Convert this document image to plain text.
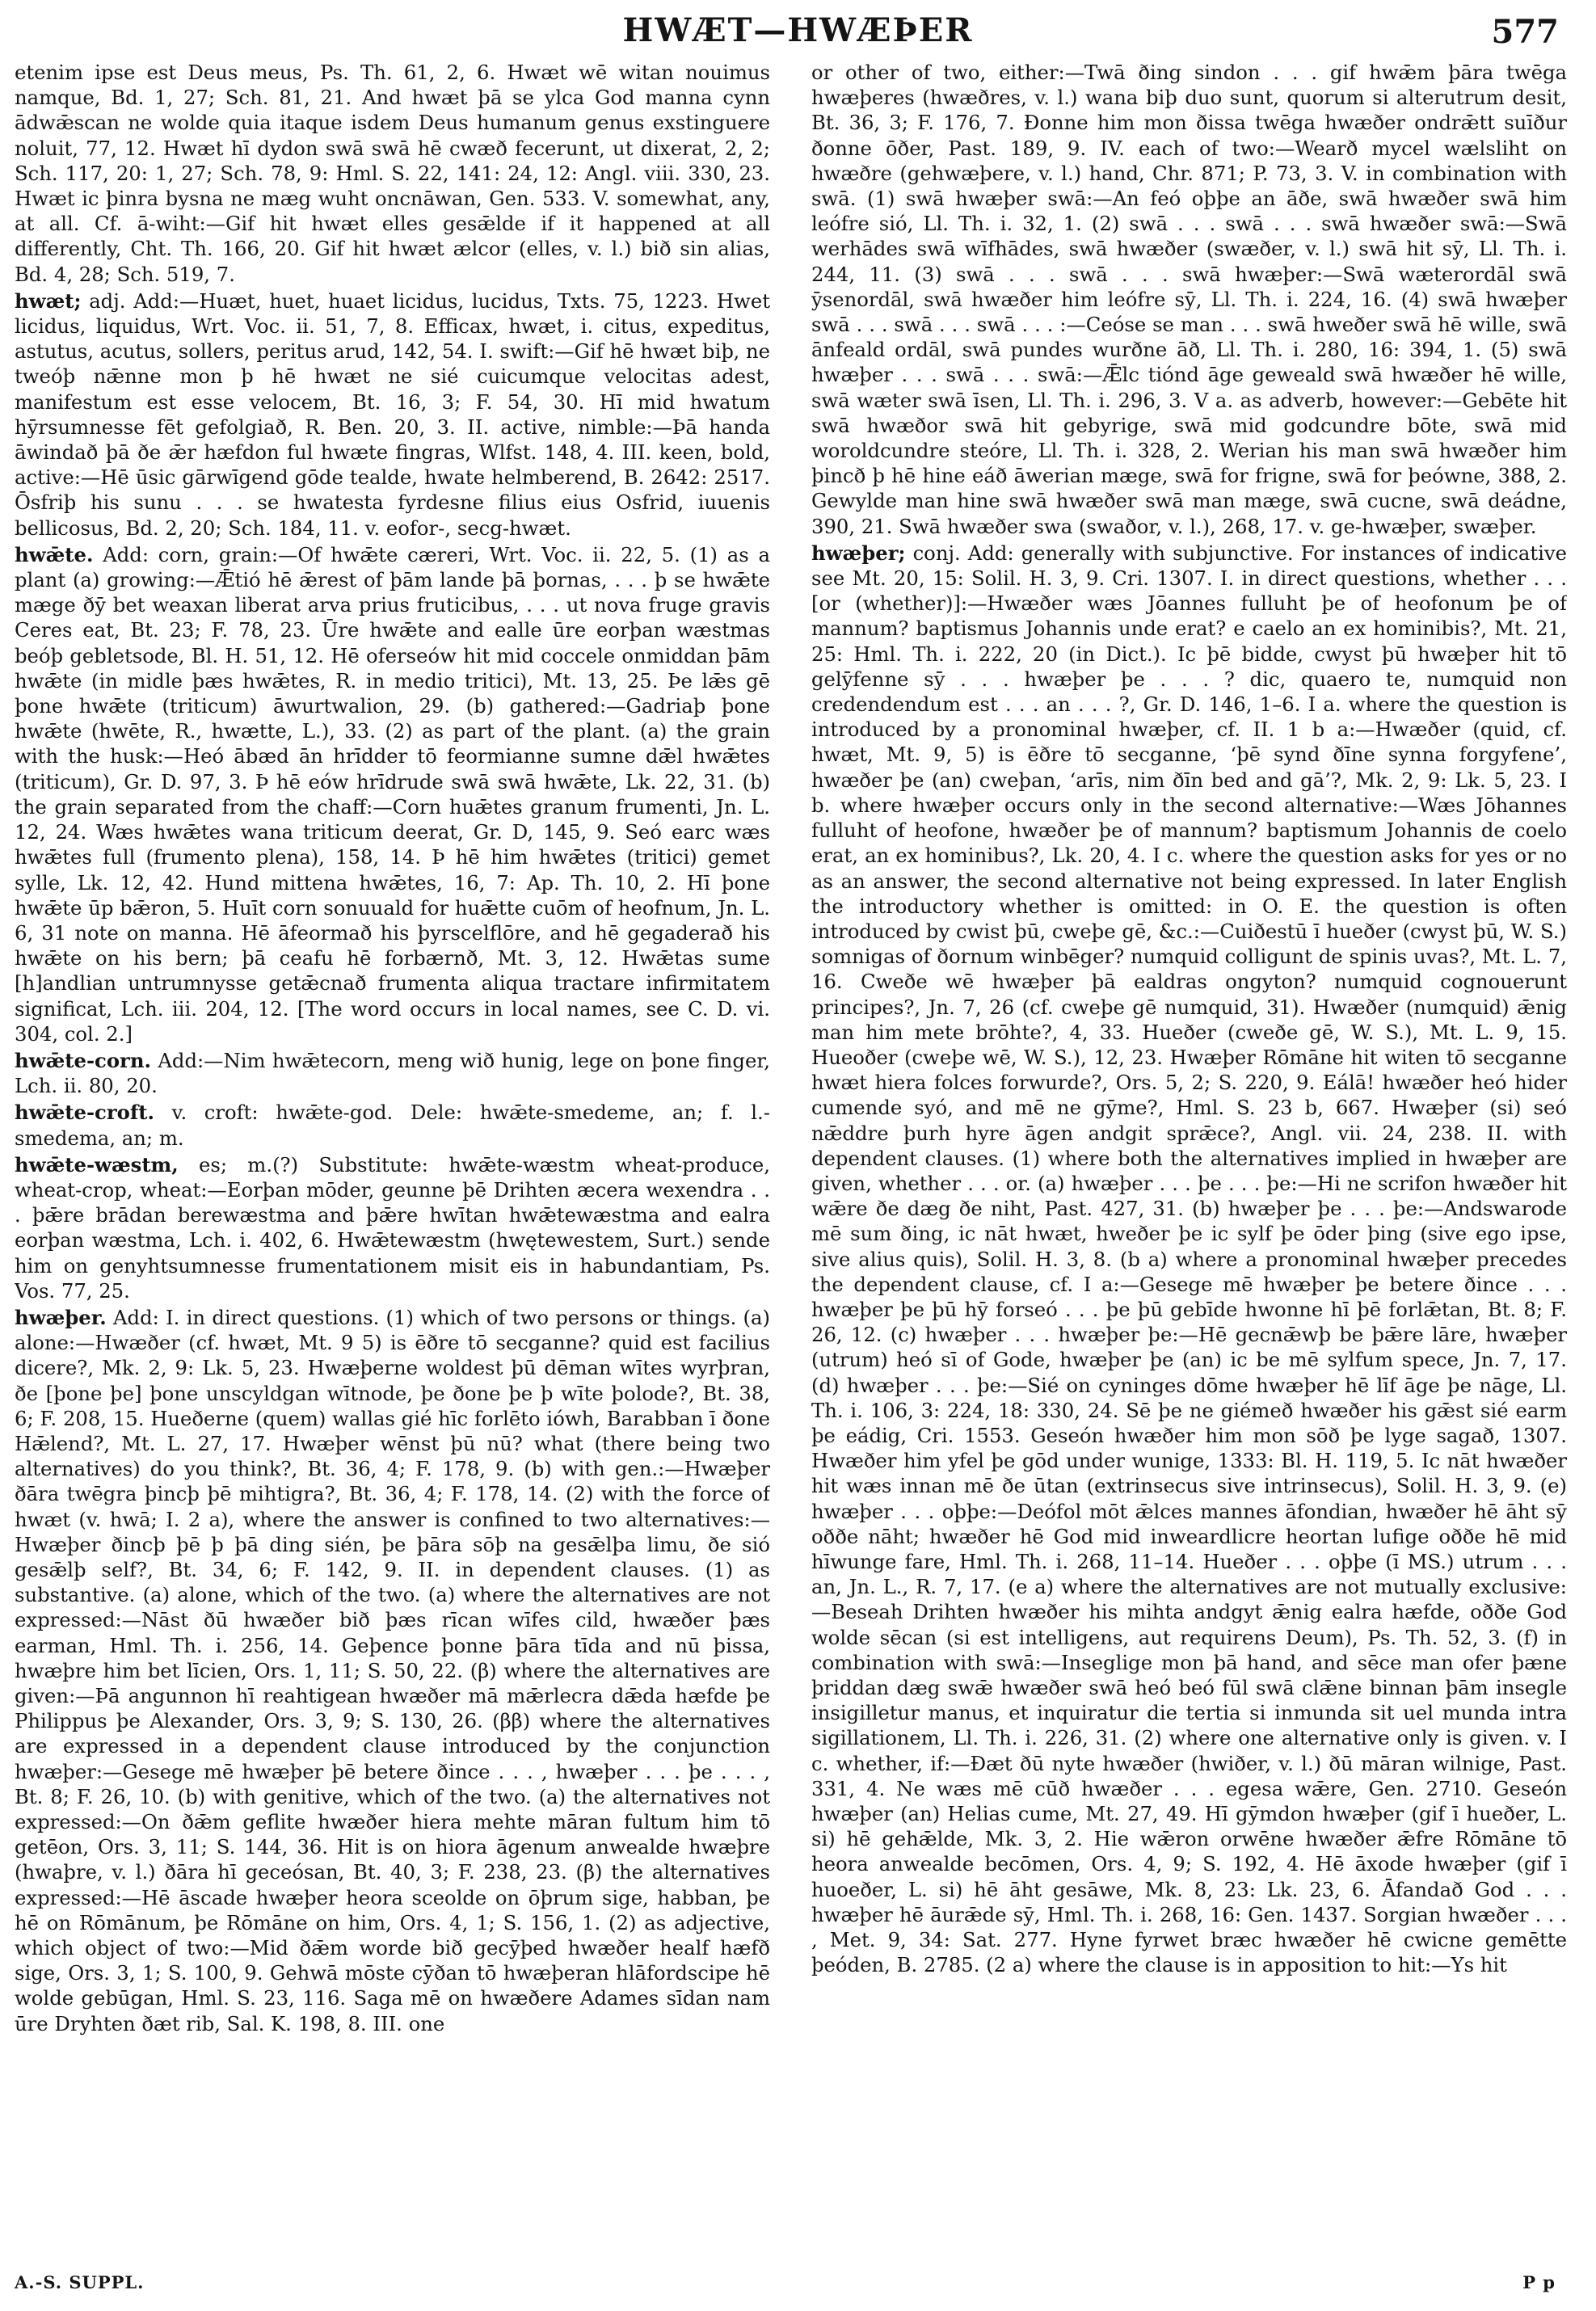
HWÆT—HWÆÞER	577

etenim ipse est Deus meus, Ps. Th. 61, 2, 6. Hwæt wē witan nouimus namque, Bd. 1, 27; Sch. 81, 21. And hwæt þā se ylca God manna cynn ādwǣscan ne wolde quia itaque isdem Deus humanum genus exstinguere noluit, 77, 12. Hwæt hī dydon swā swā hē cwæð fecerunt, ut dixerat, 2, 2; Sch. 117, 20: 1, 27; Sch. 78, 9: Hml. S. 22, 141: 24, 12: Angl. viii. 330, 23. Hwæt ic þinra bysna ne mæg wuht oncnāwan, Gen. 533. V. somewhat, any, at all. Cf. ā-wiht:—Gif hit hwæt elles gesǣlde if it happened at all differently, Cht. Th. 166, 20. Gif hit hwæt ælcor (elles, v. l.) bið sin alias, Bd. 4, 28; Sch. 519, 7.

hwæt; adj. Add:—Huæt, huet, huaet licidus, lucidus, Txts. 75, 1223. Hwet licidus, liquidus, Wrt. Voc. ii. 51, 7, 8. Efficax, hwæt, i. citus, expeditus, astutus, acutus, sollers, peritus arud, 142, 54. I. swift:—Gif hē hwæt biþ, ne tweóþ nǣnne mon þ hē hwæt ne sié cuicumque velocitas adest, manifestum est esse velocem, Bt. 16, 3; F. 54, 30. Hī mid hwatum hȳrsumnesse fēt gefolgiað, R. Ben. 20, 3. II. active, nimble:—Þā handa āwindað þā ðe ǣr hæfdon ful hwæte fingras, Wlfst. 148, 4. III. keen, bold, active:—Hē ūsic gārwīgend gōde tealde, hwate helmberend, B. 2642: 2517. Ōsfriþ his sunu . . . se hwatesta fyrdesne filius eius Osfrid, iuuenis bellicosus, Bd. 2, 20; Sch. 184, 11. v. eofor-, secg-hwæt.

hwǣte. Add: corn, grain:—Of hwǣte cæreri, Wrt. Voc. ii. 22, 5. (1) as a plant (a) growing:—Ǣtió hē ǣrest of þām lande þā þornas, . . . þ se hwǣte mæge ðȳ bet weaxan liberat arva prius fruticibus, . . . ut nova fruge gravis Ceres eat, Bt. 23; F. 78, 23. Ūre hwǣte and ealle ūre eorþan wæstmas beóþ gebletsode, Bl. H. 51, 12. Hē oferseów hit mid coccele onmiddan þām hwǣte (in midle þæs hwǣtes, R. in medio tritici), Mt. 13, 25. Þe lǣs gē þone hwǣte (triticum) āwurtwalion, 29. (b) gathered:—Gadriaþ þone hwǣte (hwēte, R., hwætte, L.), 33. (2) as part of the plant. (a) the grain with the husk:—Heó ābæd ān hrīdder tō feormianne sumne dǣl hwǣtes (triticum), Gr. D. 97, 3. Þ hē eów hrīdrude swā swā hwǣte, Lk. 22, 31. (b) the grain separated from the chaff:—Corn huǣtes granum frumenti, Jn. L. 12, 24. Wæs hwǣtes wana triticum deerat, Gr. D, 145, 9. Seó earc wæs hwǣtes full (frumento plena), 158, 14. Þ hē him hwǣtes (tritici) gemet sylle, Lk. 12, 42. Hund mittena hwǣtes, 16, 7: Ap. Th. 10, 2. Hī þone hwǣte ūp bǣron, 5. Huīt corn sonuuald for huǣtte cuōm of heofnum, Jn. L. 6, 31 note on manna. Hē āfeormað his þyrscelflōre, and hē gegaderað his hwǣte on his bern; þā ceafu hē forbærnð, Mt. 3, 12. Hwǣtas sume [h]andlian untrumnysse getǣcnað frumenta aliqua tractare infirmitatem significat, Lch. iii. 204, 12. [The word occurs in local names, see C. D. vi. 304, col. 2.]

hwǣte-corn. Add:—Nim hwǣtecorn, meng wið hunig, lege on þone finger, Lch. ii. 80, 20.

hwǣte-croft. v. croft: hwǣte-god. Dele: hwǣte-smedeme, an; f. l.-smedema, an; m.

hwǣte-wæstm, es; m.(?) Substitute: hwǣte-wæstm wheat-produce, wheat-crop, wheat:—Eorþan mōder, geunne þē Drihten æcera wexendra . . . þǣre brādan berewæstma and þǣre hwītan hwǣtewæstma and ealra eorþan wæstma, Lch. i. 402, 6. Hwǣtewæstm (hwętewestem, Surt.) sende him on genyhtsumnesse frumentationem misit eis in habundantiam, Ps. Vos. 77, 25.

hwæþer. Add: I. in direct questions. (1) which of two persons or things. (a) alone:—Hwæðer (cf. hwæt, Mt. 9 5) is ēðre tō secganne? quid est facilius dicere?, Mk. 2, 9: Lk. 5, 23. Hwæþerne woldest þū dēman wītes wyrþran, ðe [þone þe] þone unscyldgan wītnode, þe ðone þe þ wīte þolode?, Bt. 38, 6; F. 208, 15. Hueðerne (quem) wallas gié hīc forlēto iówh, Barabban ī ðone Hǣlend?, Mt. L. 27, 17. Hwæþer wēnst þū nū? what (there being two alternatives) do you think?, Bt. 36, 4; F. 178, 9. (b) with gen.:—Hwæþer ðāra twēgra þincþ þē mihtigra?, Bt. 36, 4; F. 178, 14. (2) with the force of hwæt (v. hwā; I. 2 a), where the answer is confined to two alternatives:—Hwæþer ðincþ þē þ þā ding sién, þe þāra sōþ na gesǣlþa limu, ðe sió gesǣlþ self?, Bt. 34, 6; F. 142, 9. II. in dependent clauses. (1) as substantive. (a) alone, which of the two. (a) where the alternatives are not expressed:—Nāst ðū hwæðer bið þæs rīcan wīfes cild, hwæðer þæs earman, Hml. Th. i. 256, 14. Geþence þonne þāra tīda and nū þissa, hwæþre him bet līcien, Ors. 1, 11; S. 50, 22. (β) where the alternatives are given:—Þā angunnon hī reahtigean hwæðer mā mǣrlecra dǣda hæfde þe Philippus þe Alexander, Ors. 3, 9; S. 130, 26. (ββ) where the alternatives are expressed in a dependent clause introduced by the conjunction hwæþer:—Gesege mē hwæþer þē betere ðince . . . , hwæþer . . . þe . . . , Bt. 8; F. 26, 10. (b) with genitive, which of the two. (a) the alternatives not expressed:—On ðǣm geflite hwæðer hiera mehte māran fultum him tō getēon, Ors. 3, 11; S. 144, 36. Hit is on hiora āgenum anwealde hwæþre (hwaþre, v. l.) ðāra hī geceósan, Bt. 40, 3; F. 238, 23. (β) the alternatives expressed:—Hē āscade hwæþer heora sceolde on ōþrum sige, habban, þe hē on Rōmānum, þe Rōmāne on him, Ors. 4, 1; S. 156, 1. (2) as adjective, which object of two:—Mid ðǣm worde bið gecȳþed hwæðer healf hæfð sige, Ors. 3, 1; S. 100, 9. Gehwā mōste cȳðan tō hwæþeran hlāfordscipe hē wolde gebūgan, Hml. S. 23, 116. Saga mē on hwæðere Adames sīdan nam ūre Dryhten ðæt rib, Sal. K. 198, 8. III. one

or other of two, either:—Twā ðing sindon . . . gif hwǣm þāra twēga hwæþeres (hwæðres, v. l.) wana biþ duo sunt, quorum si alterutrum desit, Bt. 36, 3; F. 176, 7. Ðonne him mon ðissa twēga hwæðer ondrǣtt suīður ðonne ōðer, Past. 189, 9. IV. each of two:—Wearð mycel wælsliht on hwæðre (gehwæþere, v. l.) hand, Chr. 871; P. 73, 3. V. in combination with swā. (1) swā hwæþer swā:—An feó oþþe an āðe, swā hwæðer swā him leófre sió, Ll. Th. i. 32, 1. (2) swā . . . swā . . . swā hwæðer swā:—Swā werhādes swā wīfhādes, swā hwæðer (swæðer, v. l.) swā hit sȳ, Ll. Th. i. 244, 11. (3) swā . . . swā . . . swā hwæþer:—Swā wæterordāl swā ȳsenordāl, swā hwæðer him leófre sȳ, Ll. Th. i. 224, 16. (4) swā hwæþer swā . . . swā . . . swā . . . :—Ceóse se man . . . swā hweðer swā hē wille, swā ānfeald ordāl, swā pundes wurðne āð, Ll. Th. i. 280, 16: 394, 1. (5) swā hwæþer . . . swā . . . swā:—Ǣlc tiónd āge geweald swā hwæðer hē wille, swā wæter swā īsen, Ll. Th. i. 296, 3. V a. as adverb, however:—Gebēte hit swā hwæðor swā hit gebyrige, swā mid godcundre bōte, swā mid woroldcundre steóre, Ll. Th. i. 328, 2. Werian his man swā hwæðer him þincð þ hē hine eáð āwerian mæge, swā for frigne, swā for þeówne, 388, 2. Gewylde man hine swā hwæðer swā man mæge, swā cucne, swā deádne, 390, 21. Swā hwæðer swa (swaðor, v. l.), 268, 17. v. ge-hwæþer, swæþer.

hwæþer; conj. Add: generally with subjunctive. For instances of indicative see Mt. 20, 15: Solil. H. 3, 9. Cri. 1307. I. in direct questions, whether . . . [or (whether)]:—Hwæðer wæs Jōannes fulluht þe of heofonum þe of mannum? baptismus Johannis unde erat? e caelo an ex hominibis?, Mt. 21, 25: Hml. Th. i. 222, 20 (in Dict.). Ic þē bidde, cwyst þū hwæþer hit tō gelȳfenne sȳ . . . hwæþer þe . . . ? dic, quaero te, numquid non credendendum est . . . an . . . ?, Gr. D. 146, 1–6. I a. where the question is introduced by a pronominal hwæþer, cf. II. 1 b a:—Hwæðer (quid, cf. hwæt, Mt. 9, 5) is ēðre tō secganne, ‘þē synd ðīne synna forgyfene’, hwæðer þe (an) cweþan, ‘arīs, nim ðīn bed and gā’?, Mk. 2, 9: Lk. 5, 23. I b. where hwæþer occurs only in the second alternative:—Wæs Jōhannes fulluht of heofone, hwæðer þe of mannum? baptismum Johannis de coelo erat, an ex hominibus?, Lk. 20, 4. I c. where the question asks for yes or no as an answer, the second alternative not being expressed. In later English the introductory whether is omitted: in O. E. the question is often introduced by cwist þū, cweþe gē, &c.:—Cuiðestū ī hueðer (cwyst þū, W. S.) somnigas of ðornum winbēger? numquid colligunt de spinis uvas?, Mt. L. 7, 16. Cweðe wē hwæþer þā ealdras ongyton? numquid cognouerunt principes?, Jn. 7, 26 (cf. cweþe gē numquid, 31). Hwæðer (numquid) ǣnig man him mete brōhte?, 4, 33. Hueðer (cweðe gē, W. S.), Mt. L. 9, 15. Hueoðer (cweþe wē, W. S.), 12, 23. Hwæþer Rōmāne hit witen tō secganne hwæt hiera folces forwurde?, Ors. 5, 2; S. 220, 9. Eálā! hwæðer heó hider cumende syó, and mē ne gȳme?, Hml. S. 23 b, 667. Hwæþer (si) seó nǣddre þurh hyre āgen andgit sprǣce?, Angl. vii. 24, 238. II. with dependent clauses. (1) where both the alternatives implied in hwæþer are given, whether . . . or. (a) hwæþer . . . þe . . . þe:—Hi ne scrifon hwæðer hit wǣre ðe dæg ðe niht, Past. 427, 31. (b) hwæþer þe . . . þe:—Andswarode mē sum ðing, ic nāt hwæt, hweðer þe ic sylf þe ōder þing (sive ego ipse, sive alius quis), Solil. H. 3, 8. (b a) where a pronominal hwæþer precedes the dependent clause, cf. I a:—Gesege mē hwæþer þe betere ðince . . . hwæþer þe þū hȳ forseó . . . þe þū gebīde hwonne hī þē forlǣtan, Bt. 8; F. 26, 12. (c) hwæþer . . . hwæþer þe:—Hē gecnǣwþ be þǣre lāre, hwæþer (utrum) heó sī of Gode, hwæþer þe (an) ic be mē sylfum spece, Jn. 7, 17. (d) hwæþer . . . þe:—Sié on cyninges dōme hwæþer hē līf āge þe nāge, Ll. Th. i. 106, 3: 224, 18: 330, 24. Sē þe ne giémeð hwæðer his gǣst sié earm þe eádig, Cri. 1553. Geseón hwæðer him mon sōð þe lyge sagað, 1307. Hwæðer him yfel þe gōd under wunige, 1333: Bl. H. 119, 5. Ic nāt hwæðer hit wæs innan mē ðe ūtan (extrinsecus sive intrinsecus), Solil. H. 3, 9. (e) hwæþer . . . oþþe:—Deófol mōt ǣlces mannes āfondian, hwæðer hē āht sȳ oððe nāht; hwæðer hē God mid inweardlicre heortan lufige oððe hē mid hīwunge fare, Hml. Th. i. 268, 11–14. Hueðer . . . oþþe (ī MS.) utrum . . . an, Jn. L., R. 7, 17. (e a) where the alternatives are not mutually exclusive:—Beseah Drihten hwæðer his mihta andgyt ǣnig ealra hæfde, oððe God wolde sēcan (si est intelligens, aut requirens Deum), Ps. Th. 52, 3. (f) in combination with swā:—Inseglige mon þā hand, and sēce man ofer þæne þriddan dæg swǣ hwæðer swā heó beó fūl swā clǣne binnan þām insegle insigilletur manus, et inquiratur die tertia si inmunda sit uel munda intra sigillationem, Ll. Th. i. 226, 31. (2) where one alternative only is given. v. I c. whether, if:—Ðæt ðū nyte hwæðer (hwiðer, v. l.) ðū māran wilnige, Past. 331, 4. Ne wæs mē cūð hwæðer . . . egesa wǣre, Gen. 2710. Geseón hwæþer (an) Helias cume, Mt. 27, 49. Hī gȳmdon hwæþer (gif ī hueðer, L. si) hē gehǣlde, Mk. 3, 2. Hie wǣron orwēne hwæðer ǣfre Rōmāne tō heora anwealde becōmen, Ors. 4, 9; S. 192, 4. Hē āxode hwæþer (gif ī huoeðer, L. si) hē āht gesāwe, Mk. 8, 23: Lk. 23, 6. Āfandað God . . . hwæþer hē āurǣde sȳ, Hml. Th. i. 268, 16: Gen. 1437. Sorgian hwæðer . . . , Met. 9, 34: Sat. 277. Hyne fyrwet bræc hwæðer hē cwicne gemētte þeóden, B. 2785. (2 a) where the clause is in apposition to hit:—Ys hit

A.-S. SUPPL.	P p
